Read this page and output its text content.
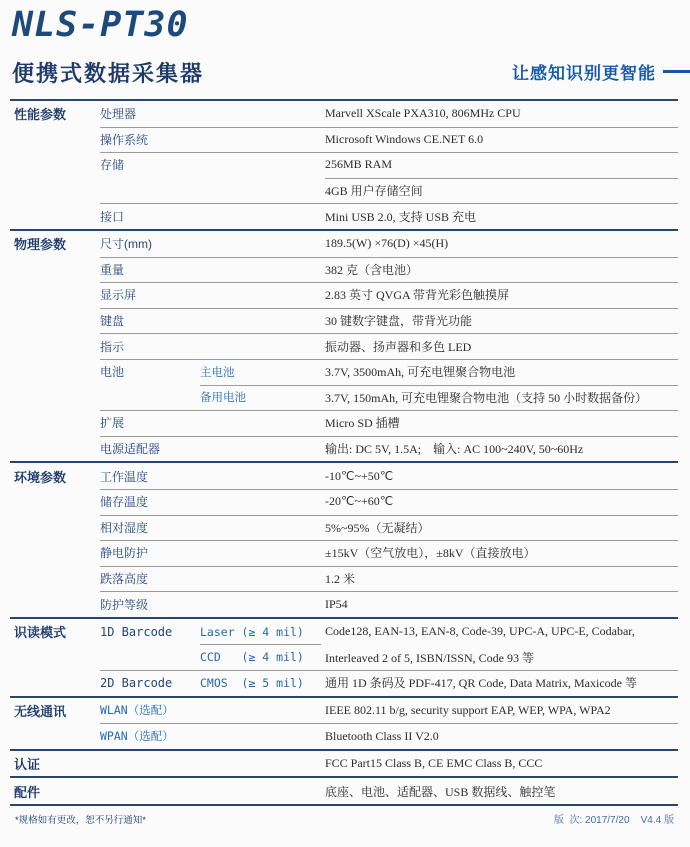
NLS-PT30
便携式数据采集器	让感知识别更智能
性能参数	处理器	Marvell XScale PXA310, 806MHz CPU
操作系统	Microsoft Windows CE.NET 6.0
存储	256MB RAM
4GB 用户存储空间
接口	Mini USB 2.0, 支持 USB 充电
物理参数	尺寸(mm)	189.5(W) ×76(D) ×45(H)
重量	382 克（含电池）
显示屏	2.83 英寸 QVGA 带背光彩色触摸屏
键盘	30 键数字键盘，带背光功能
指示	振动器、扬声器和多色 LED
电池	主电池	3.7V, 3500mAh, 可充电锂聚合物电池
备用电池	3.7V, 150mAh, 可充电锂聚合物电池（支持 50 小时数据备份）
扩展	Micro SD 插槽
电源适配器	输出: DC 5V, 1.5A;    输入: AC 100~240V, 50~60Hz
环境参数	工作温度	-10℃~+50℃
储存温度	-20℃~+60℃
相对湿度	5%~95%（无凝结）
静电防护	±15kV（空气放电），±8kV（直接放电）
跌落高度	1.2 米
防护等级	IP54
识读模式	1D Barcode	Laser (≥ 4 mil)	Code128, EAN-13, EAN-8, Code-39, UPC-A, UPC-E, Codabar,
CCD   (≥ 4 mil)	Interleaved 2 of 5, ISBN/ISSN, Code 93 等
2D Barcode	CMOS  (≥ 5 mil)	通用 1D 条码及 PDF-417, QR Code, Data Matrix, Maxicode 等
无线通讯	WLAN（选配）	IEEE 802.11 b/g, security support EAP, WEP, WPA, WPA2
WPAN（选配）	Bluetooth Class II V2.0
认证	FCC Part15 Class B, CE EMC Class B, CCC
配件	底座、电池、适配器、USB 数据线、触控笔
*规格如有更改，恕不另行通知*	版  次: 2017/7/20    V4.4 版
